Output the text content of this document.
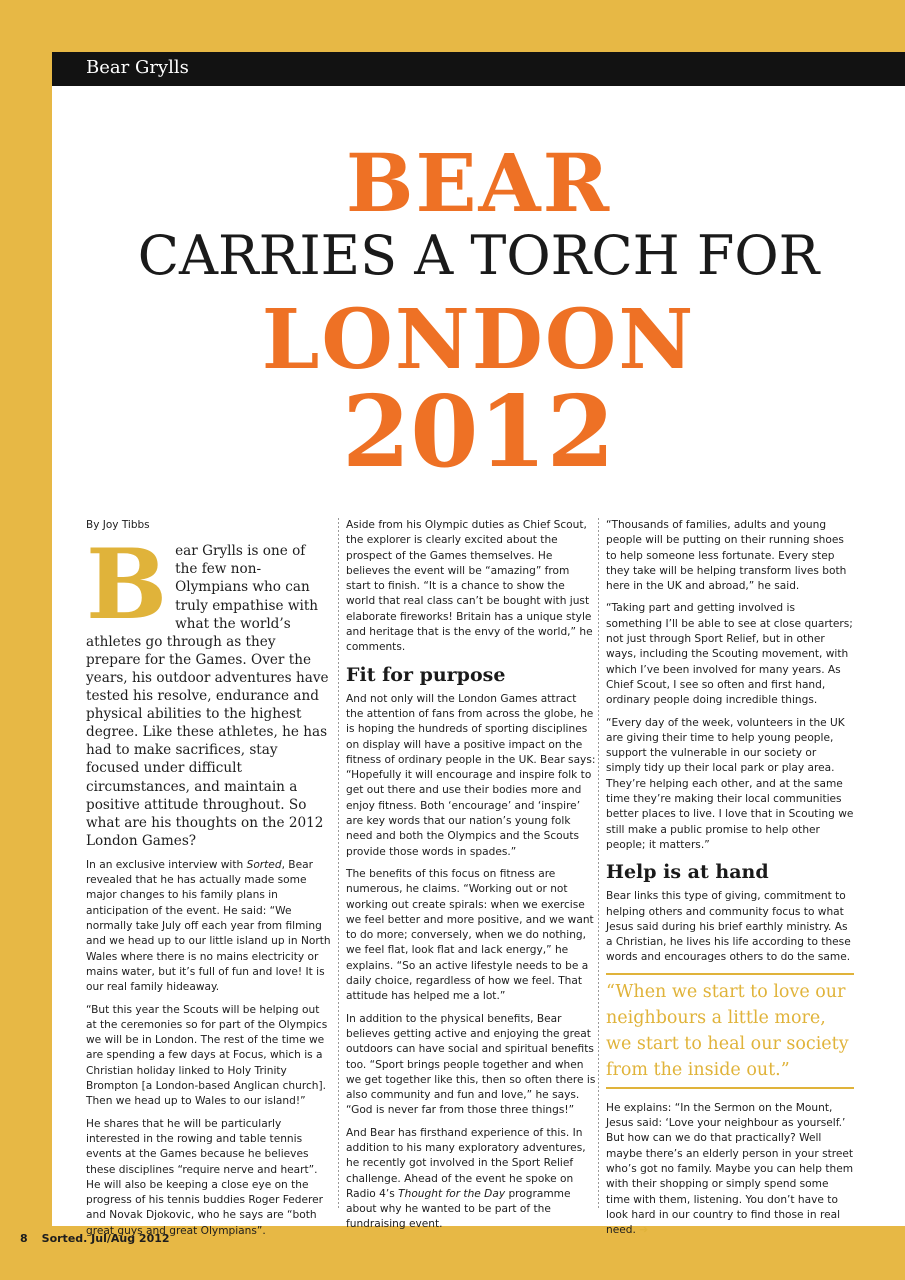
Bear Grylls
BEAR
CARRIES A TORCH FOR
LONDON
2012
By Joy Tibbs
Bear Grylls is one of the few non-Olympians who can truly empathise with what the world’s athletes go through as they prepare for the Games. Over the years, his outdoor adventures have tested his resolve, endurance and physical abilities to the highest degree. Like these athletes, he has had to make sacrifices, stay focused under difficult circumstances, and maintain a positive attitude throughout. So what are his thoughts on the 2012 London Games?

In an exclusive interview with Sorted, Bear revealed that he has actually made some major changes to his family plans in anticipation of the event. He said: “We normally take July off each year from filming and we head up to our little island up in North Wales where there is no mains electricity or mains water, but it’s full of fun and love! It is our real family hideaway.

“But this year the Scouts will be helping out at the ceremonies so for part of the Olympics we will be in London. The rest of the time we are spending a few days at Focus, which is a Christian holiday linked to Holy Trinity Brompton [a London-based Anglican church]. Then we head up to Wales to our island!”

He shares that he will be particularly interested in the rowing and table tennis events at the Games because he believes these disciplines “require nerve and heart”. He will also be keeping a close eye on the progress of his tennis buddies Roger Federer and Novak Djokovic, who he says are “both great guys and great Olympians”.

Aside from his Olympic duties as Chief Scout, the explorer is clearly excited about the prospect of the Games themselves. He believes the event will be “amazing” from start to finish. “It is a chance to show the world that real class can’t be bought with just elaborate fireworks! Britain has a unique style and heritage that is the envy of the world,” he comments.

Fit for purpose

And not only will the London Games attract the attention of fans from across the globe, he is hoping the hundreds of sporting disciplines on display will have a positive impact on the fitness of ordinary people in the UK. Bear says: “Hopefully it will encourage and inspire folk to get out there and use their bodies more and enjoy fitness. Both ‘encourage’ and ‘inspire’ are key words that our nation’s young folk need and both the Olympics and the Scouts provide those words in spades.”

The benefits of this focus on fitness are numerous, he claims. “Working out or not working out create spirals: when we exercise we feel better and more positive, and we want to do more; conversely, when we do nothing, we feel flat, look flat and lack energy,” he explains. “So an active lifestyle needs to be a daily choice, regardless of how we feel. That attitude has helped me a lot.”

In addition to the physical benefits, Bear believes getting active and enjoying the great outdoors can have social and spiritual benefits too. “Sport brings people together and when we get together like this, then so often there is also community and fun and love,” he says. “God is never far from those three things!”

And Bear has firsthand experience of this. In addition to his many exploratory adventures, he recently got involved in the Sport Relief challenge. Ahead of the event he spoke on Radio 4’s Thought for the Day programme about why he wanted to be part of the fundraising event.

“Thousands of families, adults and young people will be putting on their running shoes to help someone less fortunate. Every step they take will be helping transform lives both here in the UK and abroad,” he said.

“Taking part and getting involved is something I’ll be able to see at close quarters; not just through Sport Relief, but in other ways, including the Scouting movement, with which I’ve been involved for many years. As Chief Scout, I see so often and first hand, ordinary people doing incredible things.

“Every day of the week, volunteers in the UK are giving their time to help young people, support the vulnerable in our society or simply tidy up their local park or play area. They’re helping each other, and at the same time they’re making their local communities better places to live. I love that in Scouting we still make a public promise to help other people; it matters.”

Help is at hand

Bear links this type of giving, commitment to helping others and community focus to what Jesus said during his brief earthly ministry. As a Christian, he lives his life according to these words and encourages others to do the same.

“When we start to love our neighbours a little more, we start to heal our society from the inside out.”

He explains: “In the Sermon on the Mount, Jesus said: ‘Love your neighbour as yourself.’ But how can we do that practically? Well maybe there’s an elderly person in your street who’s got no family. Maybe you can help them with their shopping or simply spend some time with them, listening. You don’t have to look hard in our country to find those in real need. ➔

8 Sorted. Jul/Aug 2012
